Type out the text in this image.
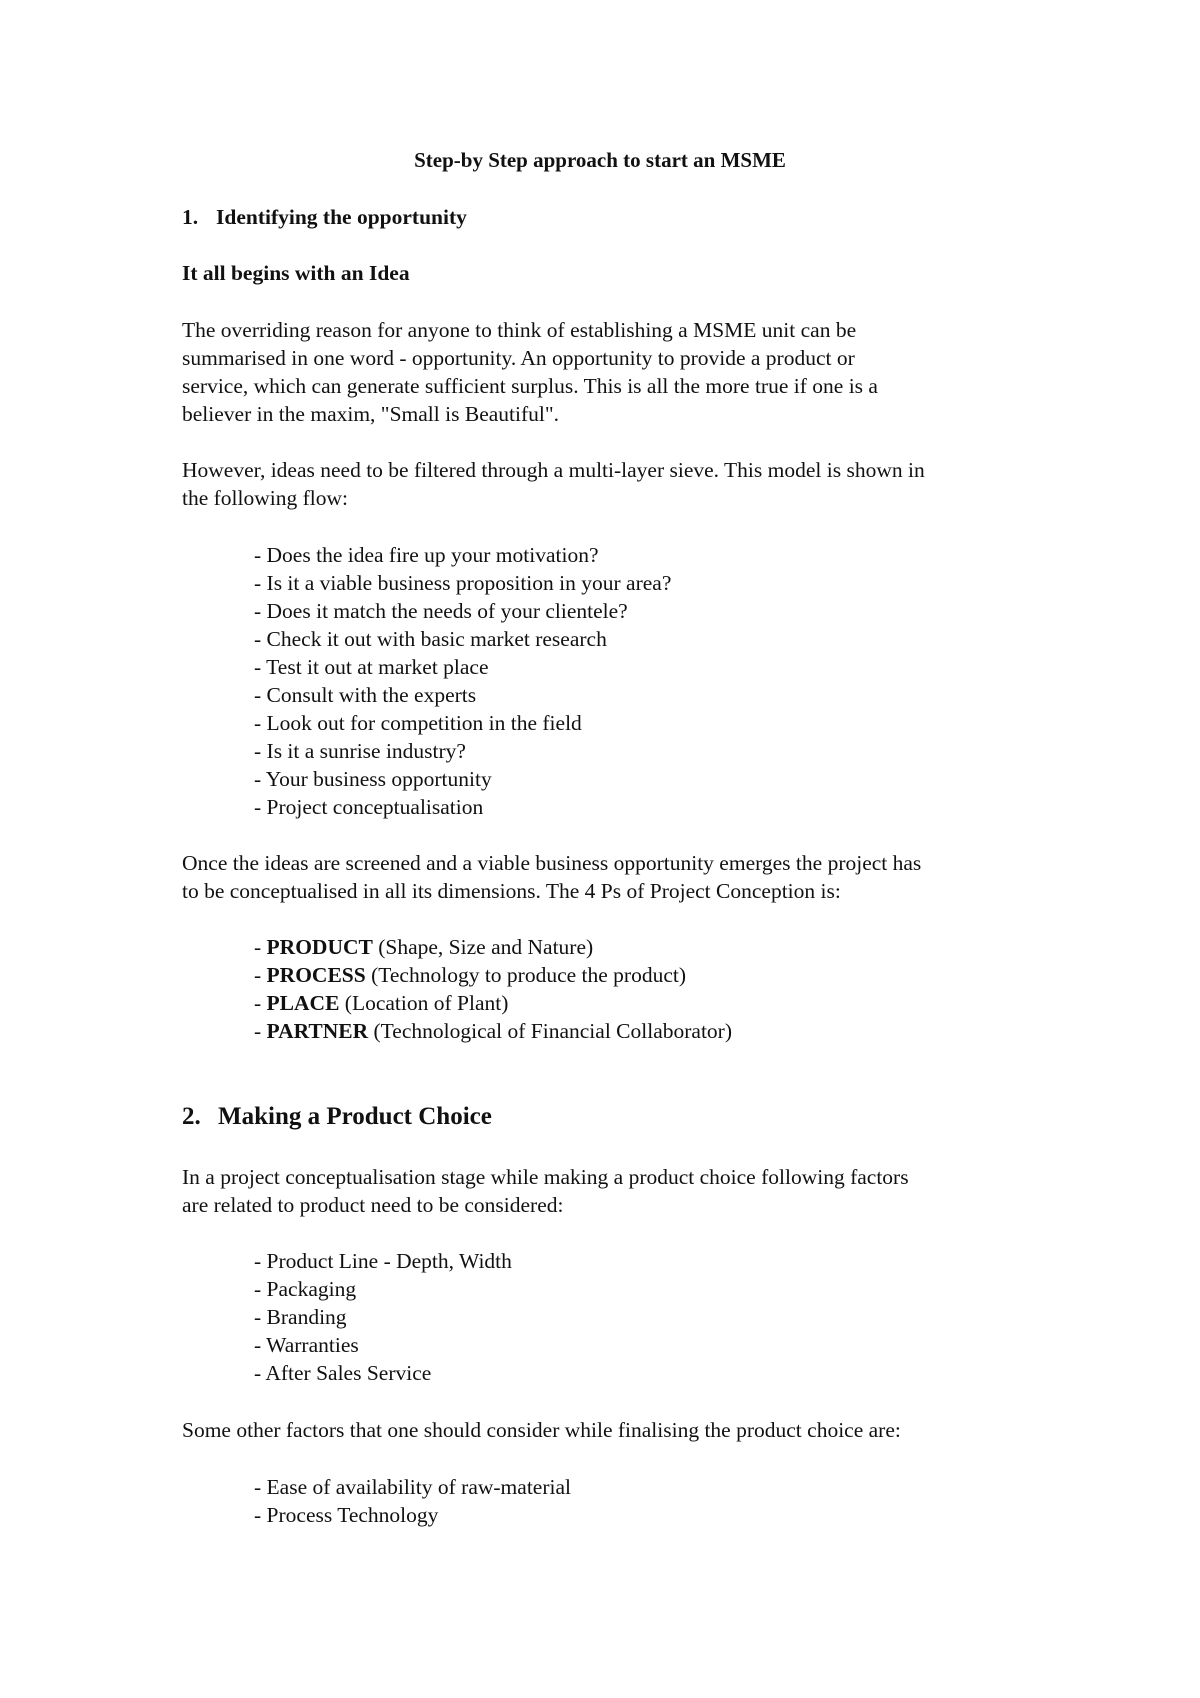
Step-by Step approach to start an MSME
1. Identifying the opportunity
It all begins with an Idea
The overriding reason for anyone to think of establishing a MSME unit can be
summarised in one word - opportunity. An opportunity to provide a product or
service, which can generate sufficient surplus. This is all the more true if one is a
believer in the maxim, "Small is Beautiful".
However, ideas need to be filtered through a multi-layer sieve. This model is shown in
the following flow:
- Does the idea fire up your motivation?
- Is it a viable business proposition in your area?
- Does it match the needs of your clientele?
- Check it out with basic market research
- Test it out at market place
- Consult with the experts
- Look out for competition in the field
- Is it a sunrise industry?
- Your business opportunity
- Project conceptualisation
Once the ideas are screened and a viable business opportunity emerges the project has
to be conceptualised in all its dimensions. The 4 Ps of Project Conception is:
- PRODUCT (Shape, Size and Nature)
- PROCESS (Technology to produce the product)
- PLACE (Location of Plant)
- PARTNER (Technological of Financial Collaborator)
2. Making a Product Choice
In a project conceptualisation stage while making a product choice following factors
are related to product need to be considered:
- Product Line - Depth, Width
- Packaging
- Branding
- Warranties
- After Sales Service
Some other factors that one should consider while finalising the product choice are:
- Ease of availability of raw-material
- Process Technology
